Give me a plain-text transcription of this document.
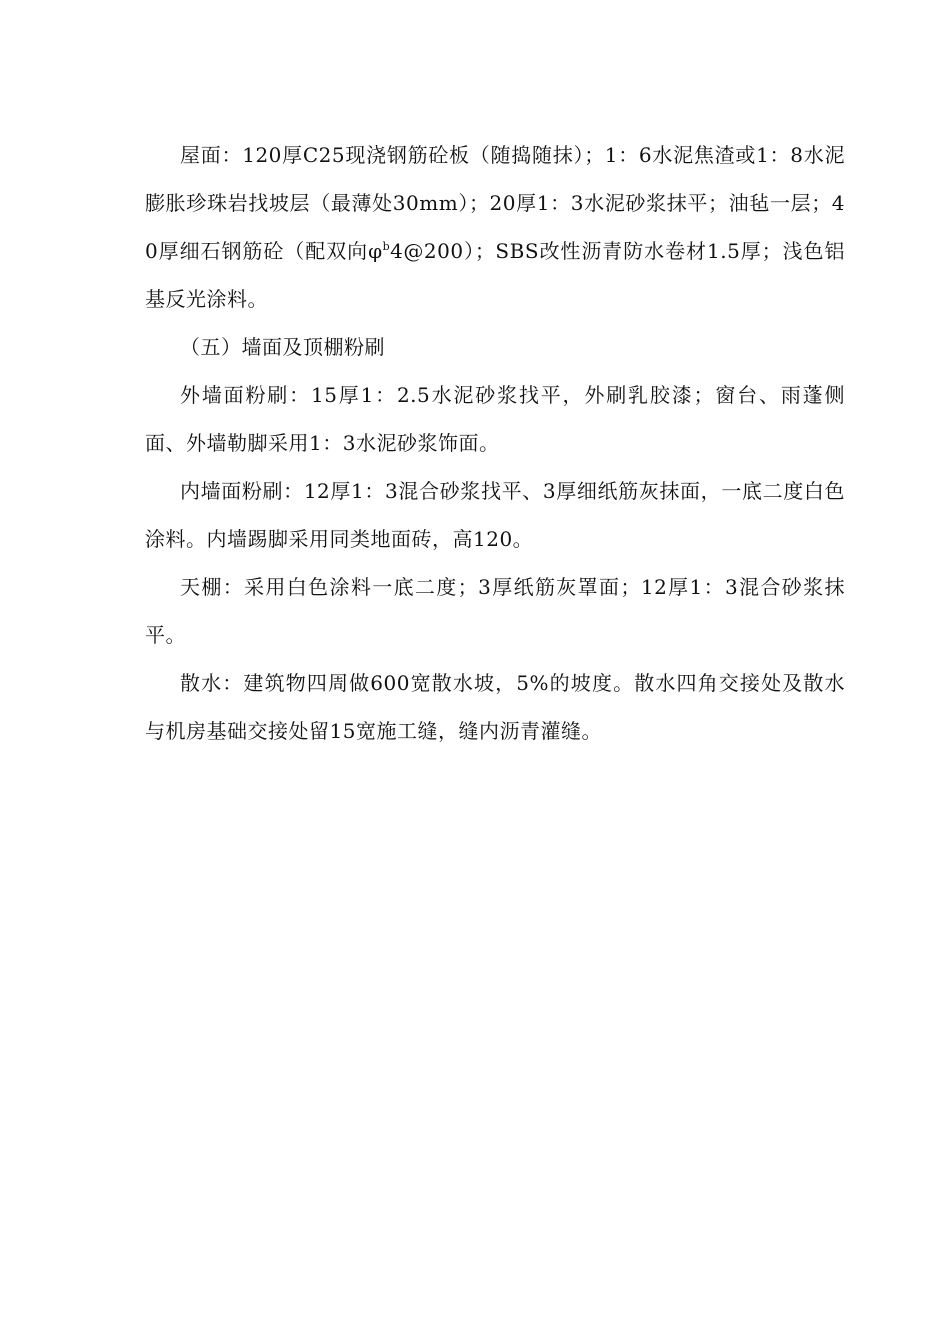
屋面：120厚C25现浇钢筋砼板（随捣随抹）；1：6水泥焦渣或1：8水泥膨胀珍珠岩找坡层（最薄处30mm）；20厚1：3水泥砂浆抹平；油毡一层；40厚细石钢筋砼（配双向$\varphi^b4@200$）；SBS改性沥青防水卷材1.5厚；浅色铝基反光涂料。

（五）墙面及顶棚粉刷

外墙面粉刷：15厚1：2.5水泥砂浆找平，外刷乳胶漆；窗台、雨蓬侧面、外墙勒脚采用1：3水泥砂浆饰面。

内墙面粉刷：12厚1：3混合砂浆找平、3厚细纸筋灰抹面，一底二度白色涂料。内墙踢脚采用同类地面砖，高120。

天棚：采用白色涂料一底二度；3厚纸筋灰罩面；12厚1：3混合砂浆抹平。

散水：建筑物四周做600宽散水坡，5%的坡度。散水四角交接处及散水与机房基础交接处留15宽施工缝，缝内沥青灌缝。
